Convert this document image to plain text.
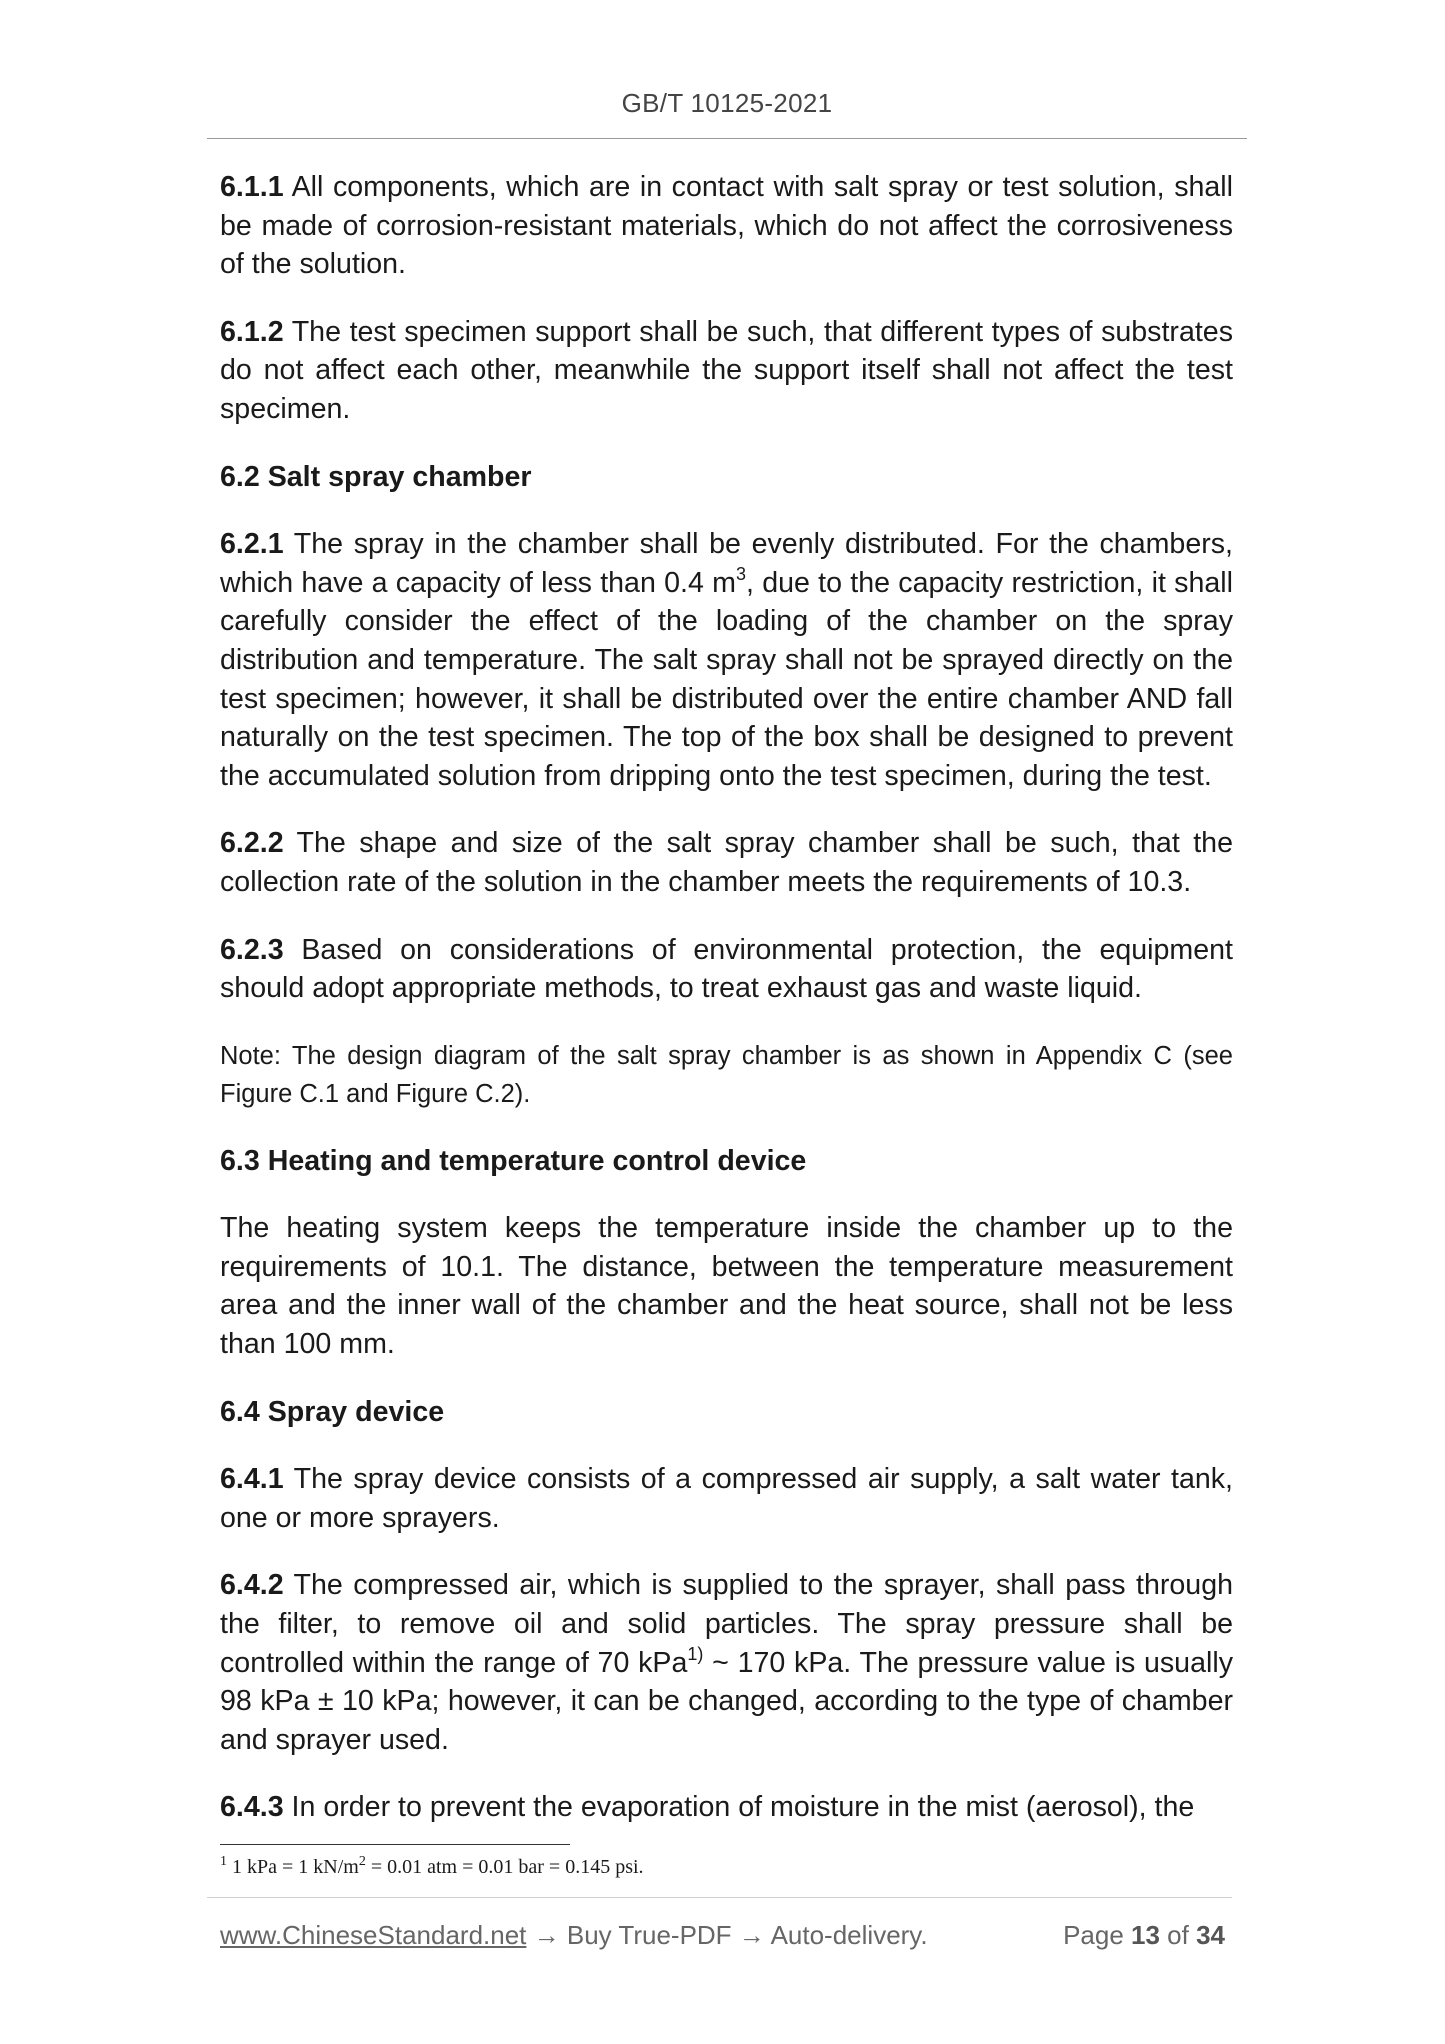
GB/T 10125-2021

6.1.1 All components, which are in contact with salt spray or test solution, shall be made of corrosion-resistant materials, which do not affect the corrosiveness of the solution.

6.1.2 The test specimen support shall be such, that different types of substrates do not affect each other, meanwhile the support itself shall not affect the test specimen.

6.2 Salt spray chamber

6.2.1 The spray in the chamber shall be evenly distributed. For the chambers, which have a capacity of less than 0.4 $m^3$, due to the capacity restriction, it shall carefully consider the effect of the loading of the chamber on the spray distribution and temperature. The salt spray shall not be sprayed directly on the test specimen; however, it shall be distributed over the entire chamber AND fall naturally on the test specimen. The top of the box shall be designed to prevent the accumulated solution from dripping onto the test specimen, during the test.

6.2.2 The shape and size of the salt spray chamber shall be such, that the collection rate of the solution in the chamber meets the requirements of 10.3.

6.2.3 Based on considerations of environmental protection, the equipment should adopt appropriate methods, to treat exhaust gas and waste liquid.

Note: The design diagram of the salt spray chamber is as shown in Appendix C (see Figure C.1 and Figure C.2).

6.3 Heating and temperature control device

The heating system keeps the temperature inside the chamber up to the requirements of 10.1. The distance, between the temperature measurement area and the inner wall of the chamber and the heat source, shall not be less than 100 mm.

6.4 Spray device

6.4.1 The spray device consists of a compressed air supply, a salt water tank, one or more sprayers.

6.4.2 The compressed air, which is supplied to the sprayer, shall pass through the filter, to remove oil and solid particles. The spray pressure shall be controlled within the range of 70 kPa$^{1)}$ ~ 170 kPa. The pressure value is usually 98 kPa ± 10 kPa; however, it can be changed, according to the type of chamber and sprayer used.

6.4.3 In order to prevent the evaporation of moisture in the mist (aerosol), the

$^1$ 1 kPa = 1 $kN/m^2 = 0.01$ atm = 0.01 bar = 0.145 psi.
www.ChineseStandard.net → Buy True-PDF → Auto-delivery.	Page 13 of 34
